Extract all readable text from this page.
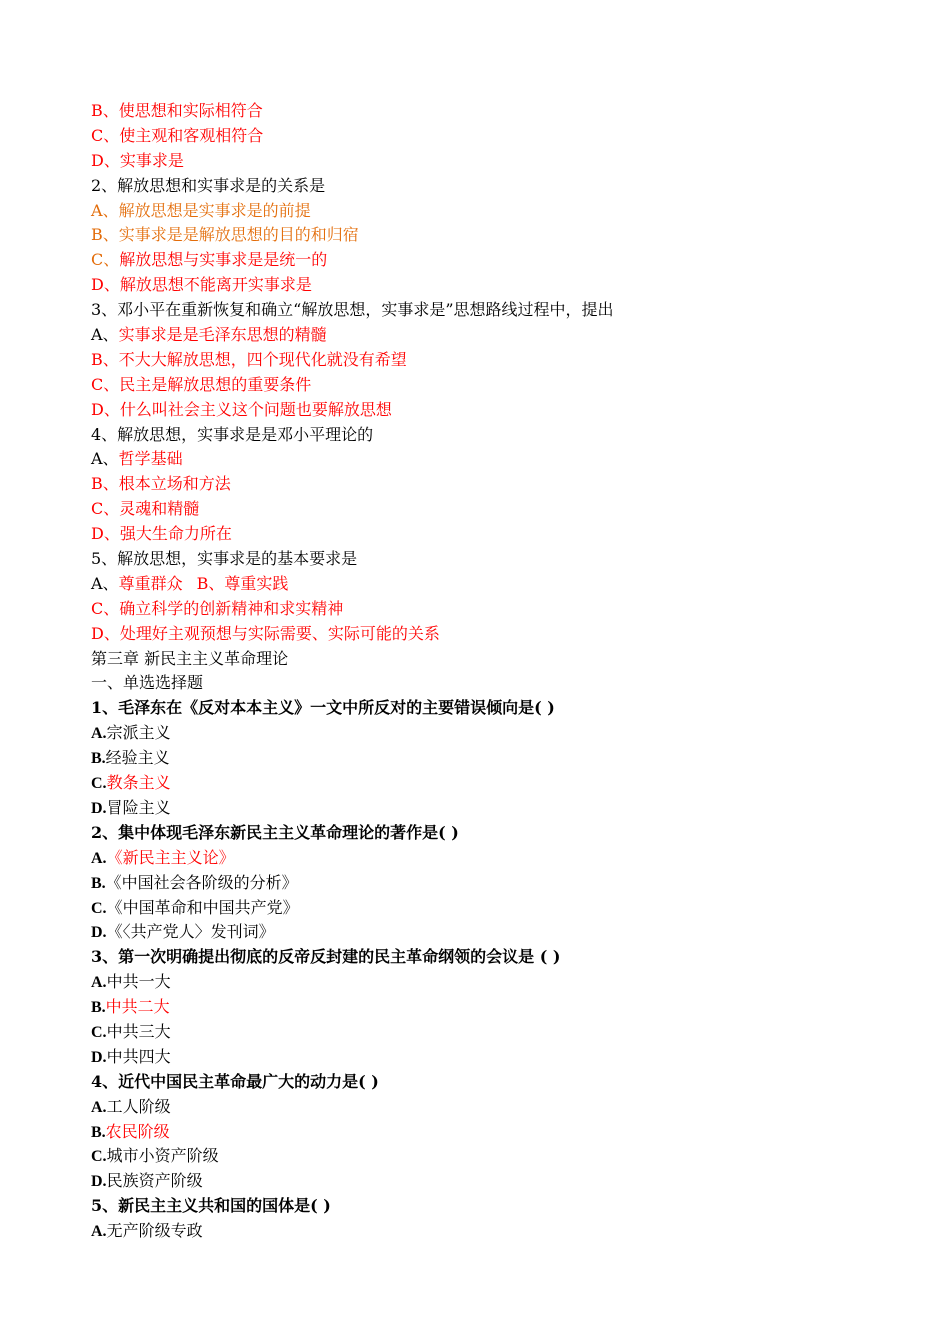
B、使思想和实际相符合
C、使主观和客观相符合
D、实事求是
2、解放思想和实事求是的关系是
A、解放思想是实事求是的前提
B、实事求是是解放思想的目的和归宿
C、解放思想与实事求是是统一的
D、解放思想不能离开实事求是
3、邓小平在重新恢复和确立“解放思想，实事求是”思想路线过程中，提出
A、实事求是是毛泽东思想的精髓
B、不大大解放思想，四个现代化就没有希望
C、民主是解放思想的重要条件
D、什么叫社会主义这个问题也要解放思想
4、解放思想，实事求是是邓小平理论的
A、哲学基础
B、根本立场和方法
C、灵魂和精髓
D、强大生命力所在
5、解放思想，实事求是的基本要求是
A、尊重群众 B、尊重实践
C、确立科学的创新精神和求实精神
D、处理好主观预想与实际需要、实际可能的关系
第三章 新民主主义革命理论
一、单选选择题
1、毛泽东在《反对本本主义》一文中所反对的主要错误倾向是( )
A.宗派主义
B.经验主义
C.教条主义
D.冒险主义
2、集中体现毛泽东新民主主义革命理论的著作是( )
A.《新民主主义论》
B.《中国社会各阶级的分析》
C.《中国革命和中国共产党》
D.《〈共产党人〉发刊词》
3、第一次明确提出彻底的反帝反封建的民主革命纲领的会议是 ( )
A.中共一大
B.中共二大
C.中共三大
D.中共四大
4、近代中国民主革命最广大的动力是( )
A.工人阶级
B.农民阶级
C.城市小资产阶级
D.民族资产阶级
5、新民主主义共和国的国体是( )
A.无产阶级专政
